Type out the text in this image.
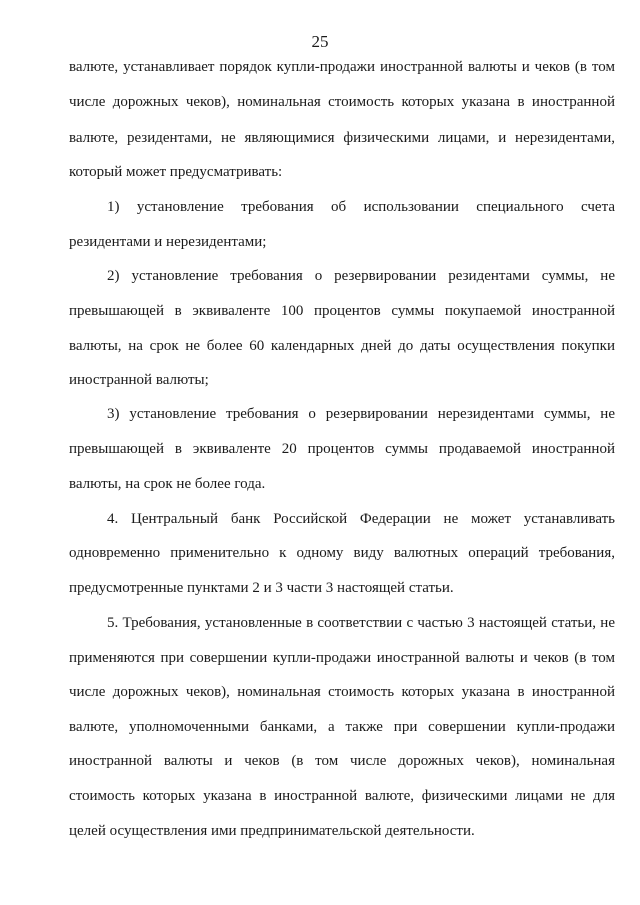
25
валюте, устанавливает порядок купли-продажи иностранной валюты и чеков (в том
числе дорожных чеков), номинальная стоимость которых указана в иностранной
валюте, резидентами, не являющимися физическими лицами, и нерезидентами,
который может предусматривать:
1) установление требования об использовании специального счета
резидентами и нерезидентами;
2) установление требования о резервировании резидентами суммы, не
превышающей в эквиваленте 100 процентов суммы покупаемой иностранной
валюты, на срок не более 60 календарных дней до даты осуществления покупки
иностранной валюты;
3) установление требования о резервировании нерезидентами суммы, не
превышающей в эквиваленте 20 процентов суммы продаваемой иностранной
валюты, на срок не более года.
4. Центральный банк Российской Федерации не может устанавливать
одновременно применительно к одному виду валютных операций требования,
предусмотренные пунктами 2 и 3 части 3 настоящей статьи.
5. Требования, установленные в соответствии с частью 3 настоящей статьи, не
применяются при совершении купли-продажи иностранной валюты и чеков (в том
числе дорожных чеков), номинальная стоимость которых указана в иностранной
валюте, уполномоченными банками, а также при совершении купли-продажи
иностранной валюты и чеков (в том числе дорожных чеков), номинальная
стоимость которых указана в иностранной валюте, физическими лицами не для
целей осуществления ими предпринимательской деятельности.
